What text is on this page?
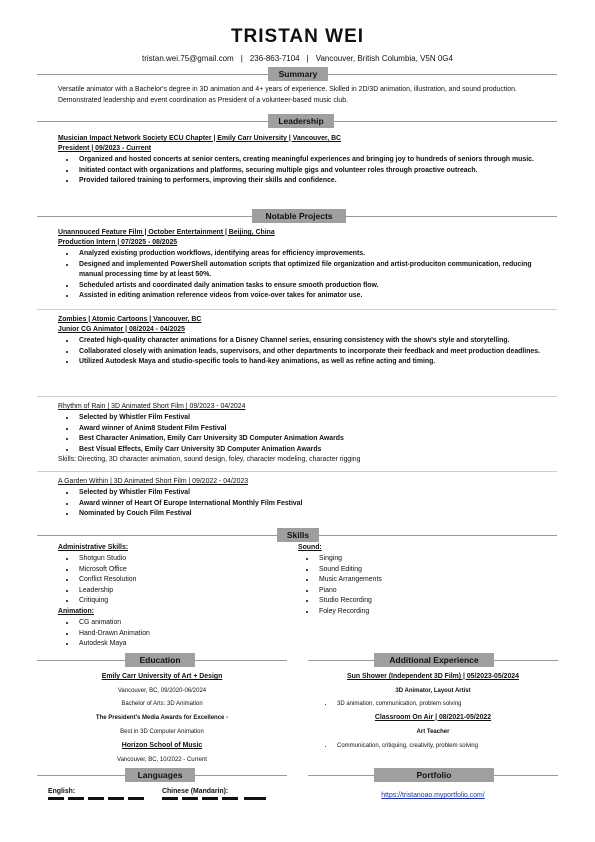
TRISTAN WEI
tristan.wei.75@gmail.com | 236-863-7104 | Vancouver, British Columbia, V5N 0G4
Summary
Versatile animator with a Bachelor's degree in 3D animation and 4+ years of experience. Skilled in 2D/3D animation, illustration, and sound production. Demonstrated leadership and event coordination as President of a volunteer-based music club.
Leadership
Musician Impact Network Society ECU Chapter | Emily Carr University | Vancouver, BC
President | 09/2023 - Current
• Organized and hosted concerts at senior centers, creating meaningful experiences and bringing joy to hundreds of seniors through music.
• Initiated contact with organizations and platforms, securing multiple gigs and volunteer roles through proactive outreach.
• Provided tailored training to performers, improving their skills and confidence.
Notable Projects
Unannouced Feature Film | October Entertainment | Beijing, China
Production Intern | 07/2025 - 08/2025
• Analyzed existing production workflows, identifying areas for efficiency improvements.
• Designed and implemented PowerShell automation scripts that optimized file organization and artist-produciton communication, reducing manual processing time by at least 50%.
• Scheduled artists and coordinated daily animation tasks to ensure smooth production flow.
• Assisted in editing animation reference videos from voice-over takes for animator use.
Zombies | Atomic Cartoons | Vancouver, BC
Junior CG Animator | 08/2024 - 04/2025
• Created high-quality character animations for a Disney Channel series, ensuring consistency with the show's style and storytelling.
• Collaborated closely with animation leads, supervisors, and other departments to incorporate their feedback and meet production deadlines.
• Utilized Autodesk Maya and studio-specific tools to hand-key animations, as well as refine acting and timing.
Rhythm of Rain | 3D Animated Short Film | 09/2023 - 04/2024
• Selected by Whistler Film Festival
• Award winner of Anim8 Student Film Festival
• Best Character Animation, Emily Carr University 3D Computer Animation Awards
• Best Visual Effects, Emily Carr University 3D Computer Animation Awards
Skills: Directing, 3D character animation, sound design, foley, character modeling, character rigging
A Garden Within | 3D Animated Short Film | 09/2022 - 04/2023
• Selected by Whistler Film Festival
• Award winner of Heart Of Europe International Monthly Film Festival
• Nominated by Couch Film Festival
Skills
Administrative Skills:
• Shotgun Studio
• Microsoft Office
• Conflict Resolution
• Leadership
• Critiquing
Animation:
• CG animation
• Hand-Drawn Animation
• Autodesk Maya
Sound:
• Singing
• Sound Editing
• Music Arrangements
• Piano
• Studio Recording
• Foley Recording
Education
Emily Carr University of Art + Design
Vancouver, BC, 09/2020-06/2024
Bachelor of Arts: 3D Animation
The President's Media Awards for Excellence -
Best in 3D Computer Animation
Horizon School of Music
Vancouver, BC, 10/2022 - Current
Additional Experience
Sun Shower (Independent 3D Film) | 05/2023-05/2024
3D Animator, Layout Artist
• 3D animation, communication, problem solving
Classroom On Air | 08/2021-05/2022
Art Teacher
• Communication, critiquing, creativity, problem solving
Languages
English:	Chinese (Mandarin):
Portfolio
https://tristanoao.myportfolio.com/
